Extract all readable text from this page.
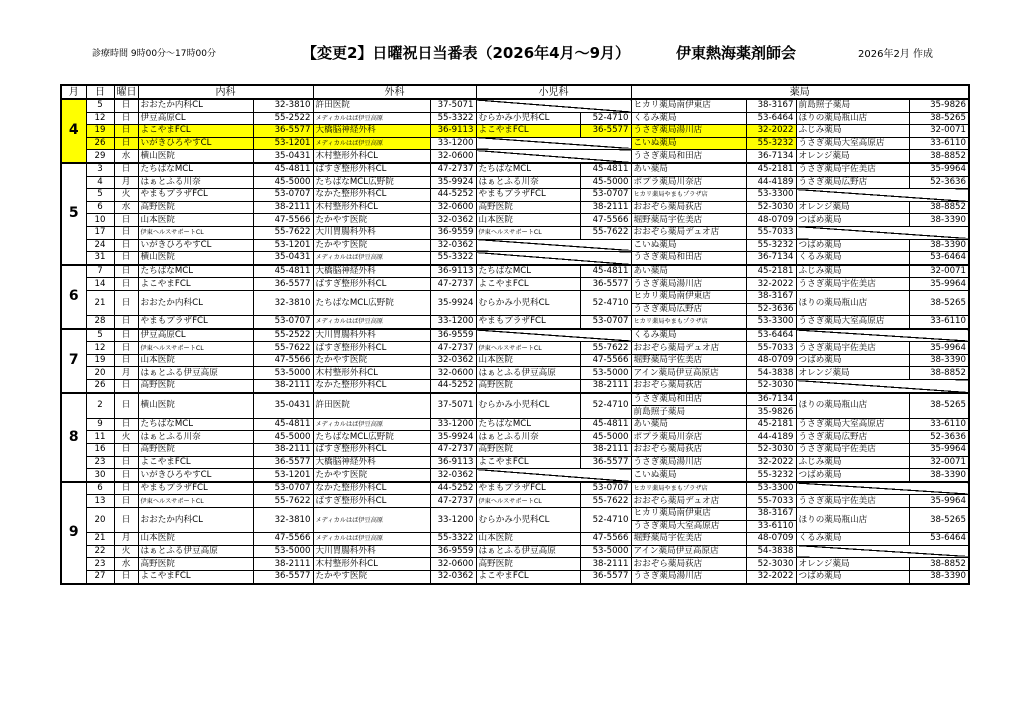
診療時間 9時00分～17時00分	【変更2】日曜祝日当番表（2026年4月～9月）	伊東熱海薬剤師会	2026年2月 作成
月	日	曜日	内科		外科		小児科		薬局			
4	5	日	おおたか内科CL	32-3810	許田医院	37-5071			ヒカリ薬局南伊東店	38-3167	前島照子薬局	35-9826
	12	日	伊豆高原CL	55-2522	メディカルはば伊豆高原	55-3322	むらかみ小児科CL	52-4710	くるみ薬局	53-6464	ほりの薬局瓶山店	38-5265
	19	日	よこやまFCL	36-5577	大橋脳神経外科	36-9113	よこやまFCL	36-5577	うさぎ薬局湯川店	32-2022	ふじみ薬局	32-0071
	26	日	いがきひろやすCL	53-1201	メディカルはば伊豆高原	33-1200			こいぬ薬局	55-3232	うさぎ薬局大室高原店	33-6110
	29	水	横山医院	35-0431	木村整形外科CL	32-0600			うさぎ薬局和田店	36-7134	オレンジ薬局	38-8852
5	3	日	たちばなMCL	45-4811	ばすぎ整形外科CL	47-2737	たちばなMCL	45-4811	あい薬局	45-2181	うさぎ薬局宇佐美店	35-9964
	4	月	はぁとふる川奈	45-5000	たちばなMCL広野院	35-9924	はぁとふる川奈	45-5000	ポプラ薬局川奈店	44-4189	うさぎ薬局広野店	52-3636
	5	火	やまもプラザFCL	53-0707	なかた整形外科CL	44-5252	やまもプラザFCL	53-0707	ヒカリ薬局やまもプラザ店	53-3300		
	6	水	高野医院	38-2111	木村整形外科CL	32-0600	高野医院	38-2111	おおぞら薬局荻店	52-3030	オレンジ薬局	38-8852
	10	日	山本医院	47-5566	たかやす医院	32-0362	山本医院	47-5566	堀野薬局宇佐美店	48-0709	つばめ薬局	38-3390
	17	日	伊東ヘルスサポートCL	55-7622	大川胃腸科外科	36-9559	伊東ヘルスサポートCL	55-7622	おおぞら薬局デュオ店	55-7033		
	24	日	いがきひろやすCL	53-1201	たかやす医院	32-0362			こいぬ薬局	55-3232	つばめ薬局	38-3390
	31	日	横山医院	35-0431	メディカルはば伊豆高原	55-3322			うさぎ薬局和田店	36-7134	くるみ薬局	53-6464
6	7	日	たちばなMCL	45-4811	大橋脳神経外科	36-9113	たちばなMCL	45-4811	あい薬局	45-2181	ふじみ薬局	32-0071
	14	日	よこやまFCL	36-5577	ばすぎ整形外科CL	47-2737	よこやまFCL	36-5577	うさぎ薬局湯川店	32-2022	うさぎ薬局宇佐美店	35-9964
	21	日	おおたか内科CL	32-3810	たちばなMCL広野院	35-9924	むらかみ小児科CL	52-4710	ヒカリ薬局南伊東店	38-3167	ほりの薬局瓶山店	38-5265
									うさぎ薬局広野店	52-3636		
	28	日	やまもプラザFCL	53-0707	メディカルはば伊豆高原	33-1200	やまもプラザFCL	53-0707	ヒカリ薬局やまもプラザ店	53-3300	うさぎ薬局大室高原店	33-6110
7	5	日	伊豆高原CL	55-2522	大川胃腸科外科	36-9559			くるみ薬局	53-6464		
	12	日	伊東ヘルスサポートCL	55-7622	ばすぎ整形外科CL	47-2737	伊東ヘルスサポートCL	55-7622	おおぞら薬局デュオ店	55-7033	うさぎ薬局宇佐美店	35-9964
	19	日	山本医院	47-5566	たかやす医院	32-0362	山本医院	47-5566	堀野薬局宇佐美店	48-0709	つばめ薬局	38-3390
	20	月	はぁとふる伊豆高原	53-5000	木村整形外科CL	32-0600	はぁとふる伊豆高原	53-5000	アイン薬局伊豆高原店	54-3838	オレンジ薬局	38-8852
	26	日	高野医院	38-2111	なかた整形外科CL	44-5252	高野医院	38-2111	おおぞら薬局荻店	52-3030		
8	2	日	横山医院	35-0431	許田医院	37-5071	むらかみ小児科CL	52-4710	うさぎ薬局和田店	36-7134	ほりの薬局瓶山店	38-5265
									前島照子薬局	35-9826		
	9	日	たちばなMCL	45-4811	メディカルはば伊豆高原	33-1200	たちばなMCL	45-4811	あい薬局	45-2181	うさぎ薬局大室高原店	33-6110
	11	火	はぁとふる川奈	45-5000	たちばなMCL広野院	35-9924	はぁとふる川奈	45-5000	ポプラ薬局川奈店	44-4189	うさぎ薬局広野店	52-3636
	16	日	高野医院	38-2111	ばすぎ整形外科CL	47-2737	高野医院	38-2111	おおぞら薬局荻店	52-3030	うさぎ薬局宇佐美店	35-9964
	23	日	よこやまFCL	36-5577	大橋脳神経外科	36-9113	よこやまFCL	36-5577	うさぎ薬局湯川店	32-2022	ふじみ薬局	32-0071
	30	日	いがきひろやすCL	53-1201	たかやす医院	32-0362			こいぬ薬局	55-3232	つばめ薬局	38-3390
9	6	日	やまもプラザFCL	53-0707	なかた整形外科CL	44-5252	やまもプラザFCL	53-0707	ヒカリ薬局やまもプラザ店	53-3300		
	13	日	伊東ヘルスサポートCL	55-7622	ばすぎ整形外科CL	47-2737	伊東ヘルスサポートCL	55-7622	おおぞら薬局デュオ店	55-7033	うさぎ薬局宇佐美店	35-9964
	20	日	おおたか内科CL	32-3810	メディカルはば伊豆高原	33-1200	むらかみ小児科CL	52-4710	ヒカリ薬局南伊東店	38-3167	ほりの薬局瓶山店	38-5265
									うさぎ薬局大室高原店	33-6110		
	21	月	山本医院	47-5566	メディカルはば伊豆高原	55-3322	山本医院	47-5566	堀野薬局宇佐美店	48-0709	くるみ薬局	53-6464
	22	火	はぁとふる伊豆高原	53-5000	大川胃腸科外科	36-9559	はぁとふる伊豆高原	53-5000	アイン薬局伊豆高原店	54-3838		
	23	水	高野医院	38-2111	木村整形外科CL	32-0600	高野医院	38-2111	おおぞら薬局荻店	52-3030	オレンジ薬局	38-8852
	27	日	よこやまFCL	36-5577	たかやす医院	32-0362	よこやまFCL	36-5577	うさぎ薬局湯川店	32-2022	つばめ薬局	38-3390
